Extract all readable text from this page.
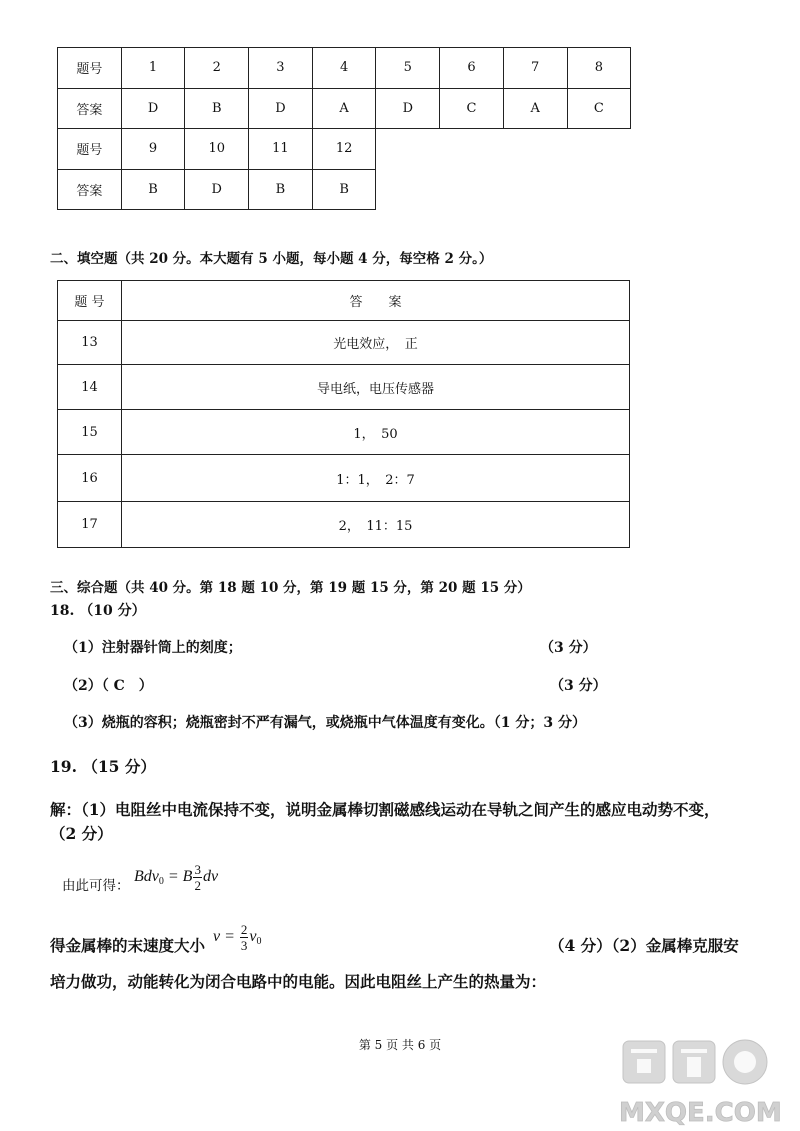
题号	1	2	3	4	5	6	7	8
答案	D	B	D	A	D	C	A	C
题号	9	10	11	12				
答案	B	D	B	B				
二、填空题（共 20 分。本大题有 5 小题，每小题 4 分，每空格 2 分。）
题 号	答　　案
13	光电效应，　正
14	导电纸，电压传感器
15	1，　50
16	1：1，　2：7
17	2，　11：15
三、综合题（共 40 分。第 18 题 10 分，第 19 题 15 分，第 20 题 15 分）
18. （10 分）
（1）注射器针筒上的刻度；	（3 分）
（2）（ C　）	（3 分）
（3）烧瓶的容积；烧瓶密封不严有漏气，或烧瓶中气体温度有变化。（1 分；3 分）
19. （15 分）
解：（1）电阻丝中电流保持不变，说明金属棒切割磁感线运动在导轨之间产生的感应电动势不变，
（2 分）
由此可得：
Bdv$_0$ = B $\frac{3}{2}$ dv
得金属棒的末速度大小 $v = \frac{2}{3} v_0$	（4 分）（2）金属棒克服安
培力做功，动能转化为闭合电路中的电能。因此电阻丝上产生的热量为：
第 5 页 共 6 页
MXQE.COM
